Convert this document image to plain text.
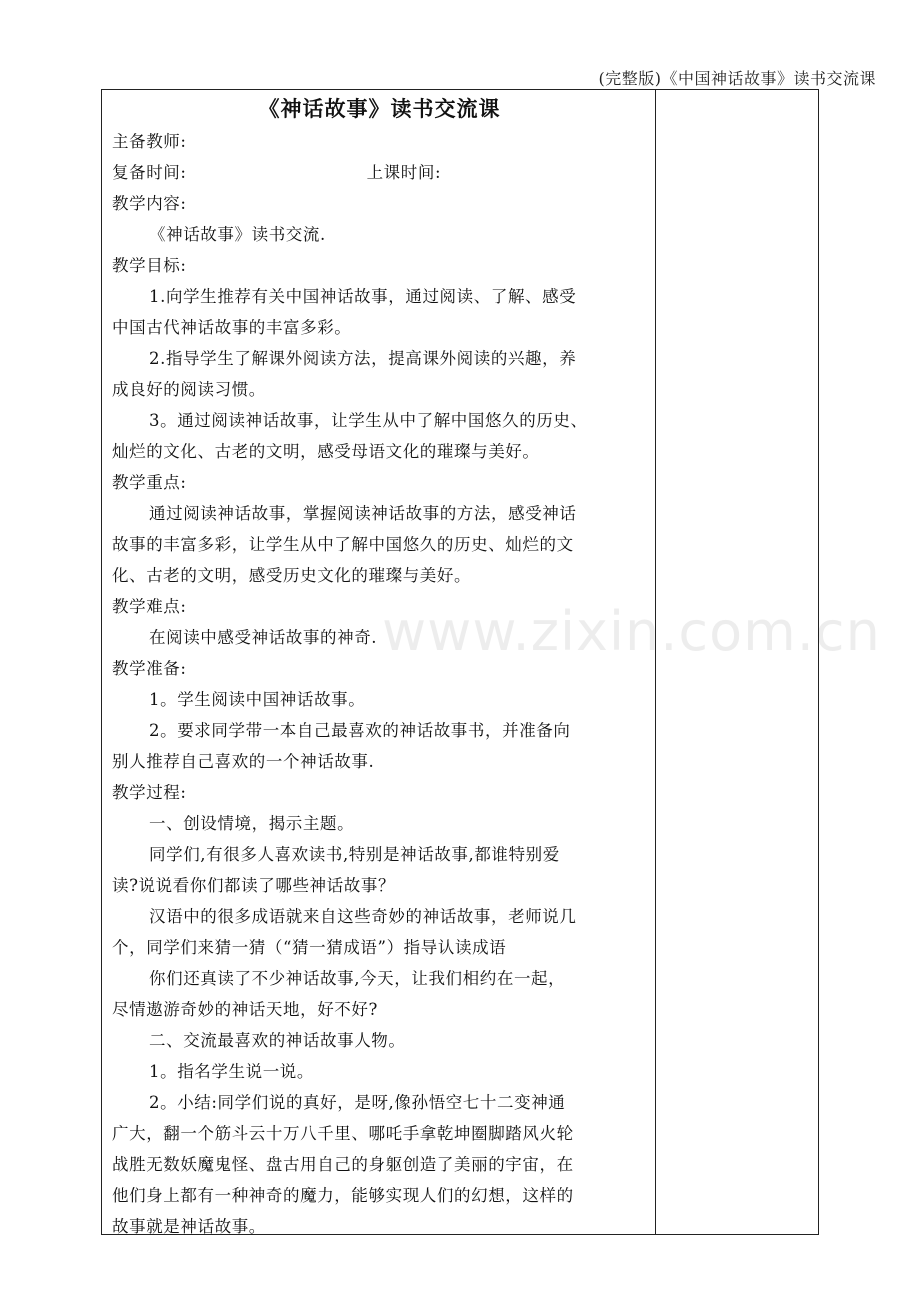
(完整版)《中国神话故事》读书交流课
《神话故事》读书交流课
主备教师:
复备时间:	上课时间:
教学内容:
《神话故事》读书交流.
教学目标:
1.向学生推荐有关中国神话故事，通过阅读、了解、感受
中国古代神话故事的丰富多彩。
2.指导学生了解课外阅读方法，提高课外阅读的兴趣，养
成良好的阅读习惯。
3。通过阅读神话故事，让学生从中了解中国悠久的历史、
灿烂的文化、古老的文明，感受母语文化的璀璨与美好。
教学重点:
通过阅读神话故事，掌握阅读神话故事的方法，感受神话
故事的丰富多彩，让学生从中了解中国悠久的历史、灿烂的文
化、古老的文明，感受历史文化的璀璨与美好。
教学难点:
在阅读中感受神话故事的神奇.
教学准备:
1。学生阅读中国神话故事。
2。要求同学带一本自己最喜欢的神话故事书，并准备向
别人推荐自己喜欢的一个神话故事.
教学过程:
一、创设情境，揭示主题。
同学们,有很多人喜欢读书,特别是神话故事,都谁特别爱
读?说说看你们都读了哪些神话故事？
汉语中的很多成语就来自这些奇妙的神话故事，老师说几
个，同学们来猜一猜（“猜一猜成语”）指导认读成语
你们还真读了不少神话故事,今天，让我们相约在一起，
尽情遨游奇妙的神话天地，好不好?
二、交流最喜欢的神话故事人物。
1。指名学生说一说。
2。小结:同学们说的真好，是呀,像孙悟空七十二变神通
广大，翻一个筋斗云十万八千里、哪吒手拿乾坤圈脚踏风火轮
战胜无数妖魔鬼怪、盘古用自己的身躯创造了美丽的宇宙，在
他们身上都有一种神奇的魔力，能够实现人们的幻想，这样的
故事就是神话故事。
www.zixin.com.cn
